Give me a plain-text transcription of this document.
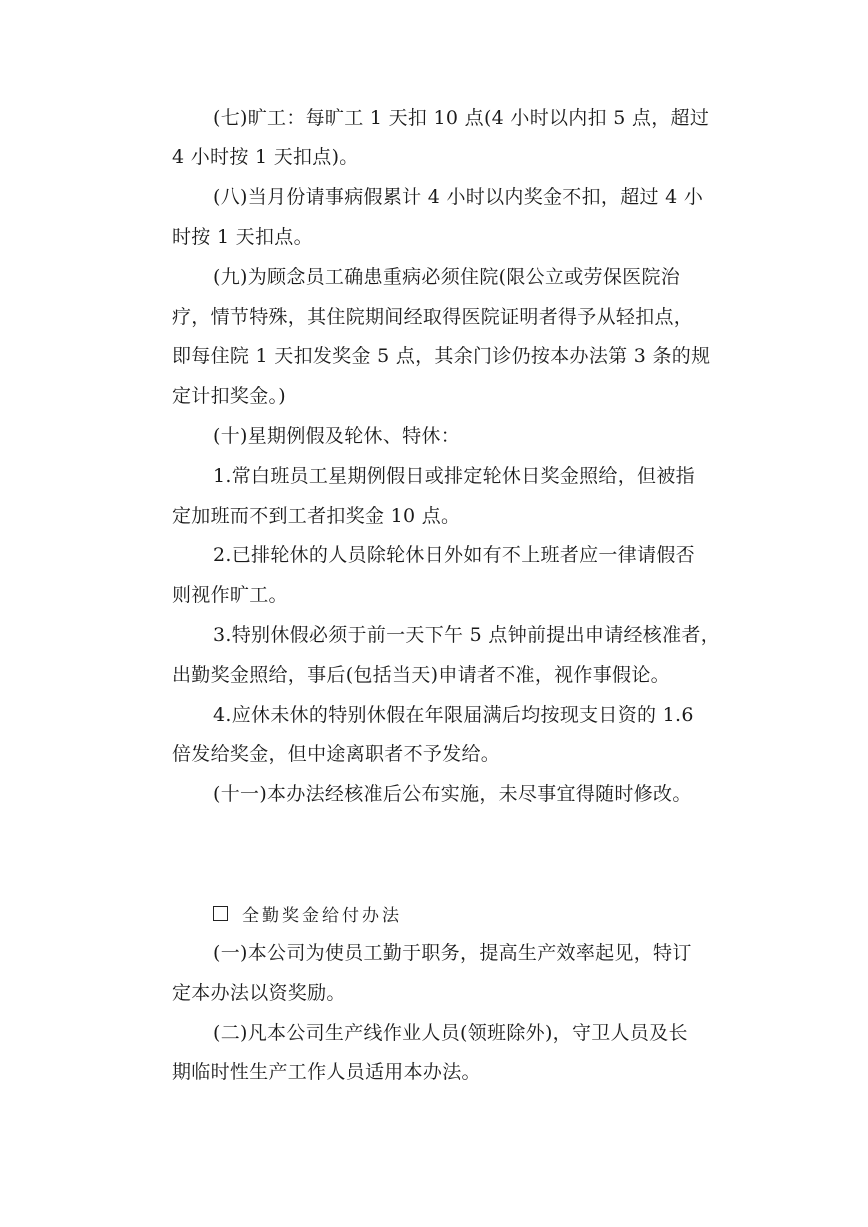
(七)旷工：每旷工 1 天扣 10 点(4 小时以内扣 5 点，超过
4 小时按 1 天扣点)。
(八)当月份请事病假累计 4 小时以内奖金不扣，超过 4 小
时按 1 天扣点。
(九)为顾念员工确患重病必须住院(限公立或劳保医院治
疗，情节特殊，其住院期间经取得医院证明者得予从轻扣点，
即每住院 1 天扣发奖金 5 点，其余门诊仍按本办法第 3 条的规
定计扣奖金。)
(十)星期例假及轮休、特休：
1.常白班员工星期例假日或排定轮休日奖金照给，但被指
定加班而不到工者扣奖金 10 点。
2.已排轮休的人员除轮休日外如有不上班者应一律请假否
则视作旷工。
3.特别休假必须于前一天下午 5 点钟前提出申请经核准者，
出勤奖金照给，事后(包括当天)申请者不准，视作事假论。
4.应休未休的特别休假在年限届满后均按现支日资的 1.6
倍发给奖金，但中途离职者不予发给。
(十一)本办法经核准后公布实施，未尽事宜得随时修改。
全勤奖金给付办法
(一)本公司为使员工勤于职务，提高生产效率起见，特订
定本办法以资奖励。
(二)凡本公司生产线作业人员(领班除外)，守卫人员及长
期临时性生产工作人员适用本办法。
